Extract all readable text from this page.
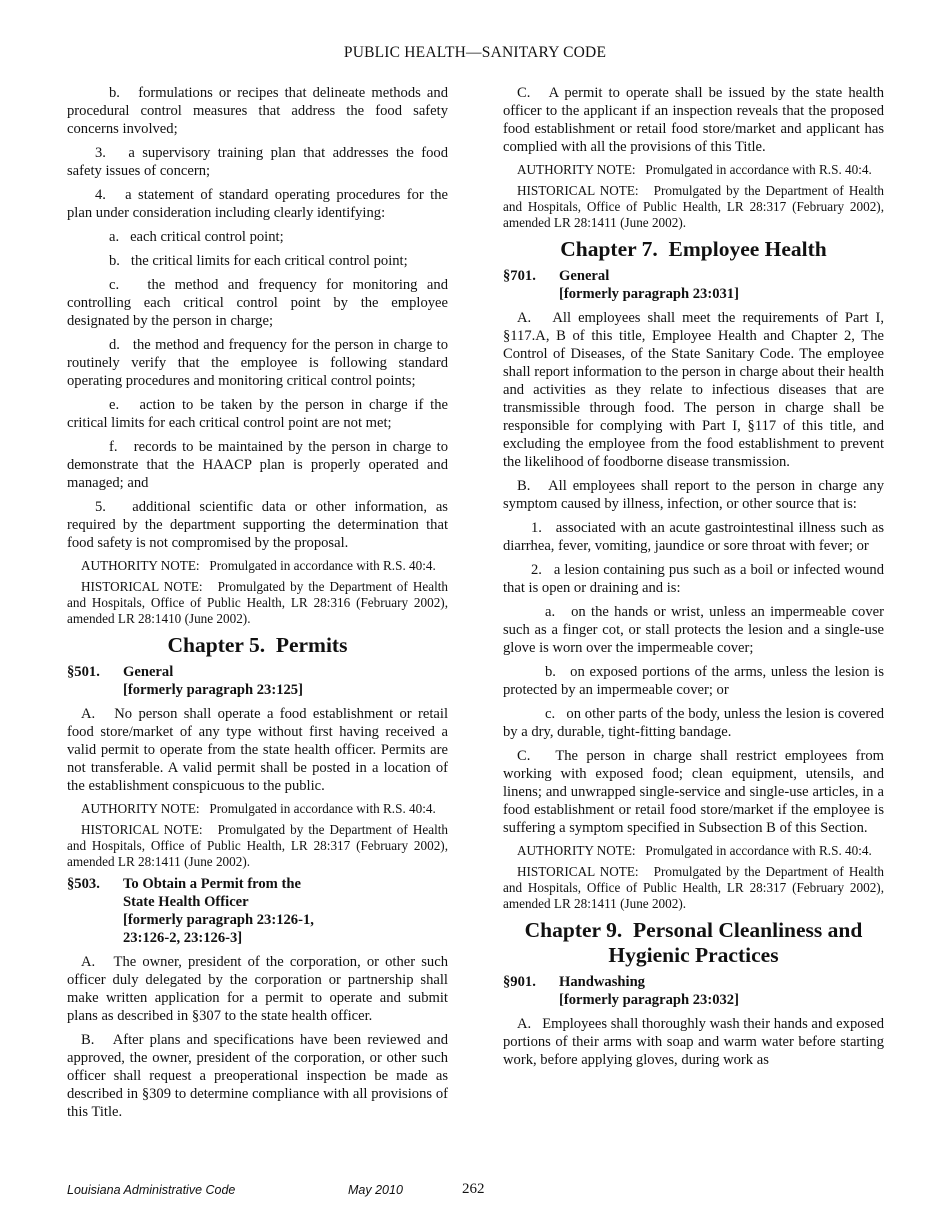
PUBLIC HEALTH—SANITARY CODE

b.   formulations or recipes that delineate methods and procedural control measures that address the food safety concerns involved;

3.   a supervisory training plan that addresses the food safety issues of concern;

4.   a statement of standard operating procedures for the plan under consideration including clearly identifying:

a.   each critical control point;

b.   the critical limits for each critical control point;

c.   the method and frequency for monitoring and controlling each critical control point by the employee designated by the person in charge;

d.   the method and frequency for the person in charge to routinely verify that the employee is following standard operating procedures and monitoring critical control points;

e.   action to be taken by the person in charge if the critical limits for each critical control point are not met;

f.   records to be maintained by the person in charge to demonstrate that the HAACP plan is properly operated and managed; and

5.   additional scientific data or other information, as required by the department supporting the determination that food safety is not compromised by the proposal.

AUTHORITY NOTE:   Promulgated in accordance with R.S. 40:4.

HISTORICAL NOTE:   Promulgated by the Department of Health and Hospitals, Office of Public Health, LR 28:316 (February 2002), amended LR 28:1410 (June 2002).

Chapter 5.  Permits
§501.	General
[formerly paragraph 23:125]

A.   No person shall operate a food establishment or retail food store/market of any type without first having received a valid permit to operate from the state health officer. Permits are not transferable. A valid permit shall be posted in a location of the establishment conspicuous to the public.

AUTHORITY NOTE:   Promulgated in accordance with R.S. 40:4.

HISTORICAL NOTE:   Promulgated by the Department of Health and Hospitals, Office of Public Health, LR 28:317 (February 2002), amended LR 28:1411 (June 2002).

§503.	To Obtain a Permit from the
State Health Officer
[formerly paragraph 23:126-1,
23:126-2, 23:126-3]

A.   The owner, president of the corporation, or other such officer duly delegated by the corporation or partnership shall make written application for a permit to operate and submit plans as described in §307 to the state health officer.

B.   After plans and specifications have been reviewed and approved, the owner, president of the corporation, or other such officer shall request a preoperational inspection be made as described in §309 to determine compliance with all provisions of this Title.

C.   A permit to operate shall be issued by the state health officer to the applicant if an inspection reveals that the proposed food establishment or retail food store/market and applicant has complied with all the provisions of this Title.

AUTHORITY NOTE:   Promulgated in accordance with R.S. 40:4.

HISTORICAL NOTE:   Promulgated by the Department of Health and Hospitals, Office of Public Health, LR 28:317 (February 2002), amended LR 28:1411 (June 2002).

Chapter 7.  Employee Health
§701.	General
[formerly paragraph 23:031]

A.   All employees shall meet the requirements of Part I, §117.A, B of this title, Employee Health and Chapter 2, The Control of Diseases, of the State Sanitary Code. The employee shall report information to the person in charge about their health and activities as they relate to infectious diseases that are transmissible through food. The person in charge shall be responsible for complying with Part I, §117 of this title, and excluding the employee from the food establishment to prevent the likelihood of foodborne disease transmission.

B.   All employees shall report to the person in charge any symptom caused by illness, infection, or other source that is:

1.   associated with an acute gastrointestinal illness such as diarrhea, fever, vomiting, jaundice or sore throat with fever; or

2.   a lesion containing pus such as a boil or infected wound that is open or draining and is:

a.   on the hands or wrist, unless an impermeable cover such as a finger cot, or stall protects the lesion and a single-use glove is worn over the impermeable cover;

b.   on exposed portions of the arms, unless the lesion is protected by an impermeable cover; or

c.   on other parts of the body, unless the lesion is covered by a dry, durable, tight-fitting bandage.

C.   The person in charge shall restrict employees from working with exposed food; clean equipment, utensils, and linens; and unwrapped single-service and single-use articles, in a food establishment or retail food store/market if the employee is suffering a symptom specified in Subsection B of this Section.

AUTHORITY NOTE:   Promulgated in accordance with R.S. 40:4.

HISTORICAL NOTE:   Promulgated by the Department of Health and Hospitals, Office of Public Health, LR 28:317 (February 2002), amended LR 28:1411 (June 2002).

Chapter 9.  Personal Cleanliness and
Hygienic Practices
§901.	Handwashing
[formerly paragraph 23:032]

A.   Employees shall thoroughly wash their hands and exposed portions of their arms with soap and warm water before starting work, before applying gloves, during work as

Louisiana Administrative Code	May 2010	262
